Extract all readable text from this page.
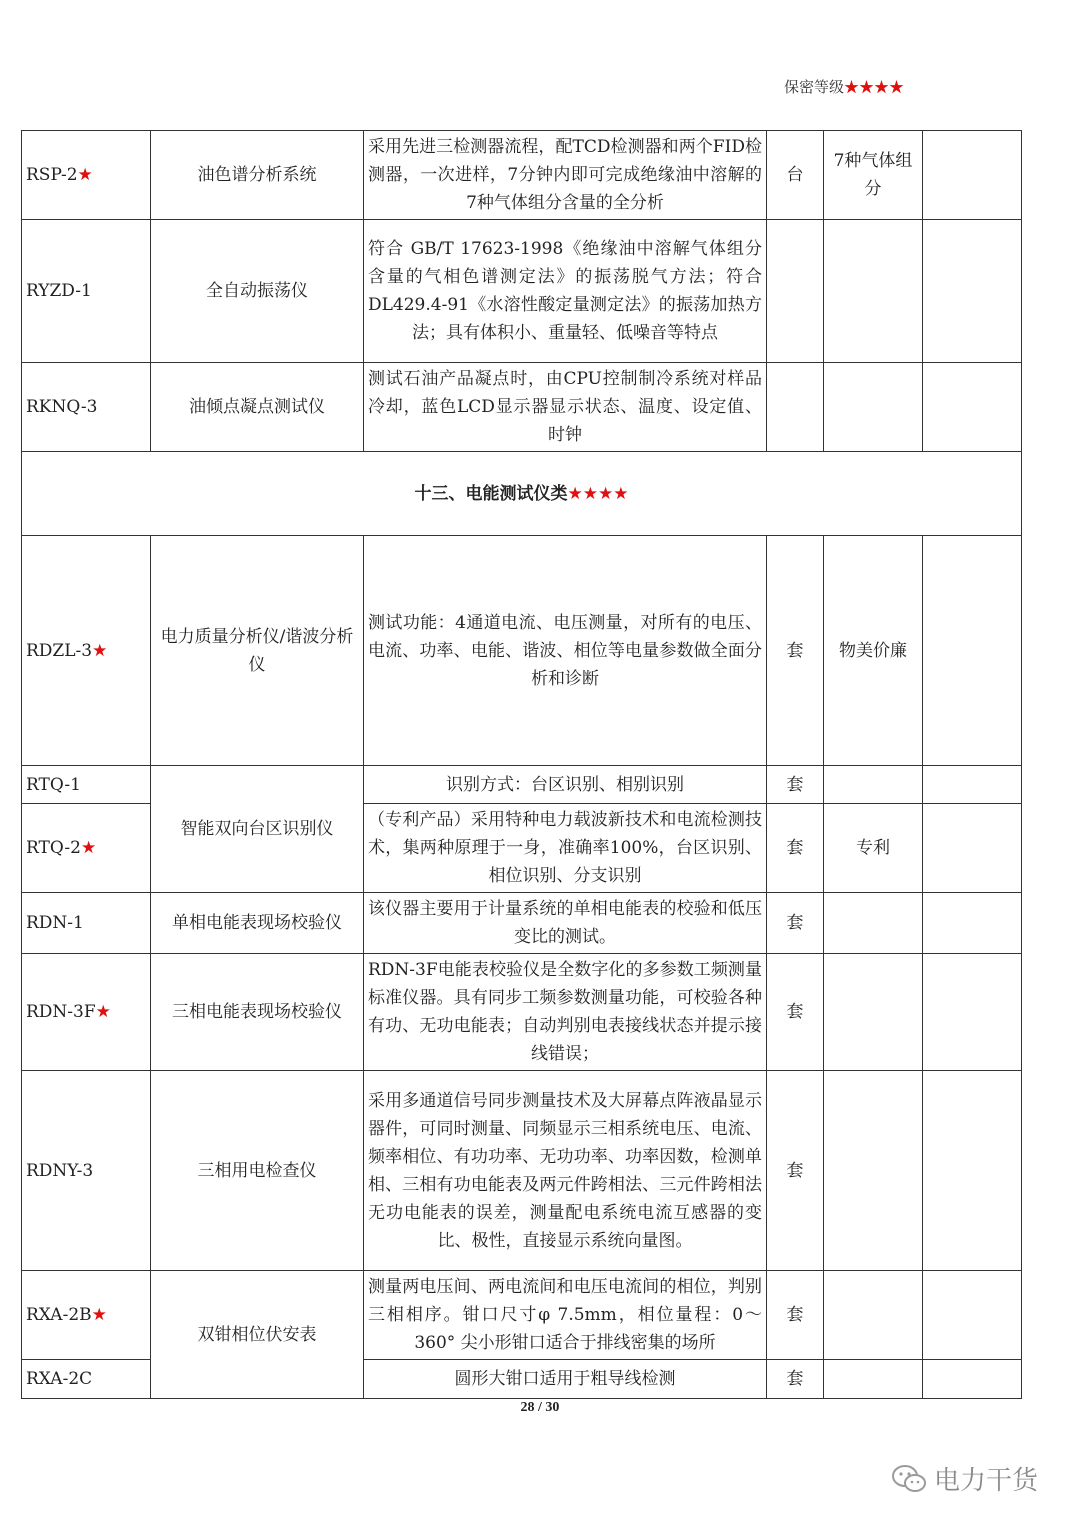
保密等级★★★★
RSP-2★	油色谱分析系统	采用先进三检测器流程，配TCD检测器和两个FID检测器，一次进样，7分钟内即可完成绝缘油中溶解的7种气体组分含量的全分析	台	7种气体组分	
RYZD-1	全自动振荡仪	符合 GB/T 17623-1998《绝缘油中溶解气体组分含量的气相色谱测定法》的振荡脱气方法；符合DL429.4-91《水溶性酸定量测定法》的振荡加热方法；具有体积小、重量轻、低噪音等特点			
RKNQ-3	油倾点凝点测试仪	测试石油产品凝点时，由CPU控制制冷系统对样品冷却，蓝色LCD显示器显示状态、温度、设定值、时钟			
十三、电能测试仪类★★★★					
RDZL-3★	电力质量分析仪/谐波分析仪	测试功能：4通道电流、电压测量，对所有的电压、电流、功率、电能、谐波、相位等电量参数做全面分析和诊断	套	物美价廉	
RTQ-1	智能双向台区识别仪	识别方式：台区识别、相别识别	套		
RTQ-2★		（专利产品）采用特种电力载波新技术和电流检测技术，集两种原理于一身，准确率100%，台区识别、相位识别、分支识别	套	专利	
RDN-1	单相电能表现场校验仪	该仪器主要用于计量系统的单相电能表的校验和低压变比的测试。	套		
RDN-3F★	三相电能表现场校验仪	RDN-3F电能表校验仪是全数字化的多参数工频测量标准仪器。具有同步工频参数测量功能，可校验各种有功、无功电能表；自动判别电表接线状态并提示接线错误；	套		
RDNY-3	三相用电检查仪	采用多通道信号同步测量技术及大屏幕点阵液晶显示器件，可同时测量、同频显示三相系统电压、电流、频率相位、有功功率、无功功率、功率因数，检测单相、三相有功电能表及两元件跨相法、三元件跨相法无功电能表的误差，测量配电系统电流互感器的变比、极性，直接显示系统向量图。	套		
RXA-2B★	双钳相位伏安表	测量两电压间、两电流间和电压电流间的相位，判别三相相序。钳口尺寸φ 7.5mm，相位量程：0～360° 尖小形钳口适合于排线密集的场所	套		
RXA-2C		圆形大钳口适用于粗导线检测	套		
28 / 30
电力干货
